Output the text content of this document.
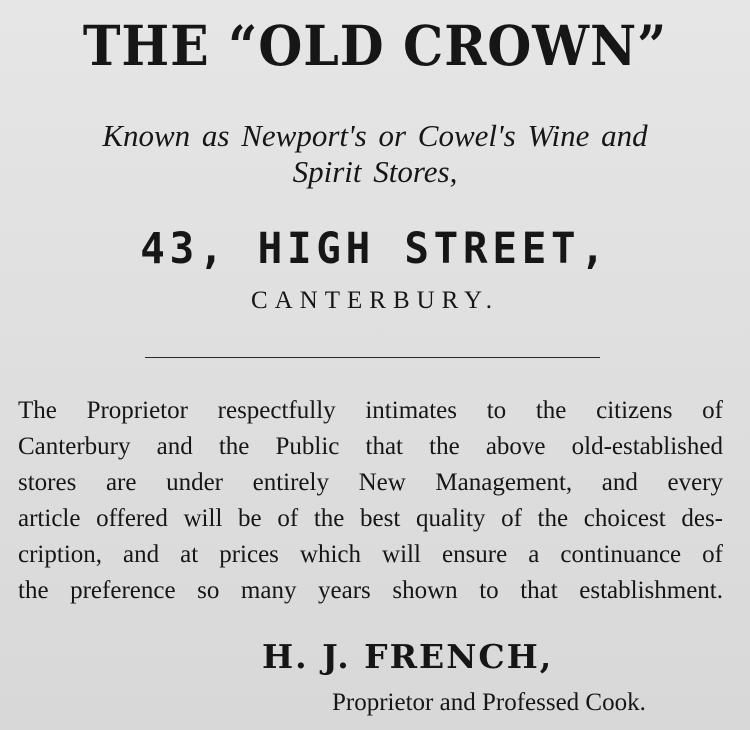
THE “OLD CROWN”
Known as Newport's or Cowel's Wine and
Spirit Stores,
43, HIGH STREET,
CANTERBURY.
The Proprietor respectfully intimates to the citizens of
Canterbury and the Public that the above old-established
stores are under entirely New Management, and every
article offered will be of the best quality of the choicest des-
cription, and at prices which will ensure a continuance of
the preference so many years shown to that establishment.
H. J. FRENCH,
Proprietor and Professed Cook.
